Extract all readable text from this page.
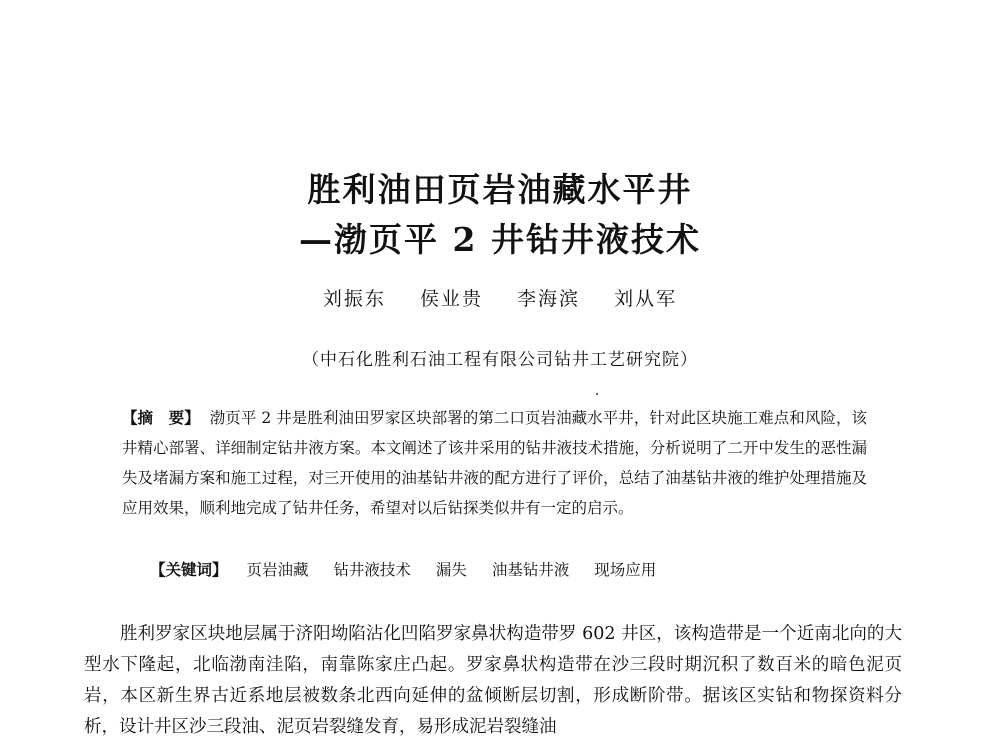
胜利油田页岩油藏水平井
—渤页平 2 井钻井液技术
刘振东 侯业贵 李海滨 刘从军
（中石化胜利石油工程有限公司钻井工艺研究院）
【摘　要】 渤页平 2 井是胜利油田罗家区块部署的第二口页岩油藏水平井，针对此区块施工难点和风险，该井精心部署、详细制定钻井液方案。本文阐述了该井采用的钻井液技术措施，分析说明了二开中发生的恶性漏失及堵漏方案和施工过程，对三开使用的油基钻井液的配方进行了评价，总结了油基钻井液的维护处理措施及应用效果，顺利地完成了钻井任务，希望对以后钻探类似井有一定的启示。
【关键词】 页岩油藏 钻井液技术 漏失 油基钻井液 现场应用
胜利罗家区块地层属于济阳坳陷沾化凹陷罗家鼻状构造带罗 602 井区，该构造带是一个近南北向的大型水下隆起，北临渤南洼陷，南靠陈家庄凸起。罗家鼻状构造带在沙三段时期沉积了数百米的暗色泥页岩，本区新生界古近系地层被数条北西向延伸的盆倾断层切割，形成断阶带。据该区实钻和物探资料分析，设计井区沙三段油、泥页岩裂缝发育，易形成泥岩裂缝油
